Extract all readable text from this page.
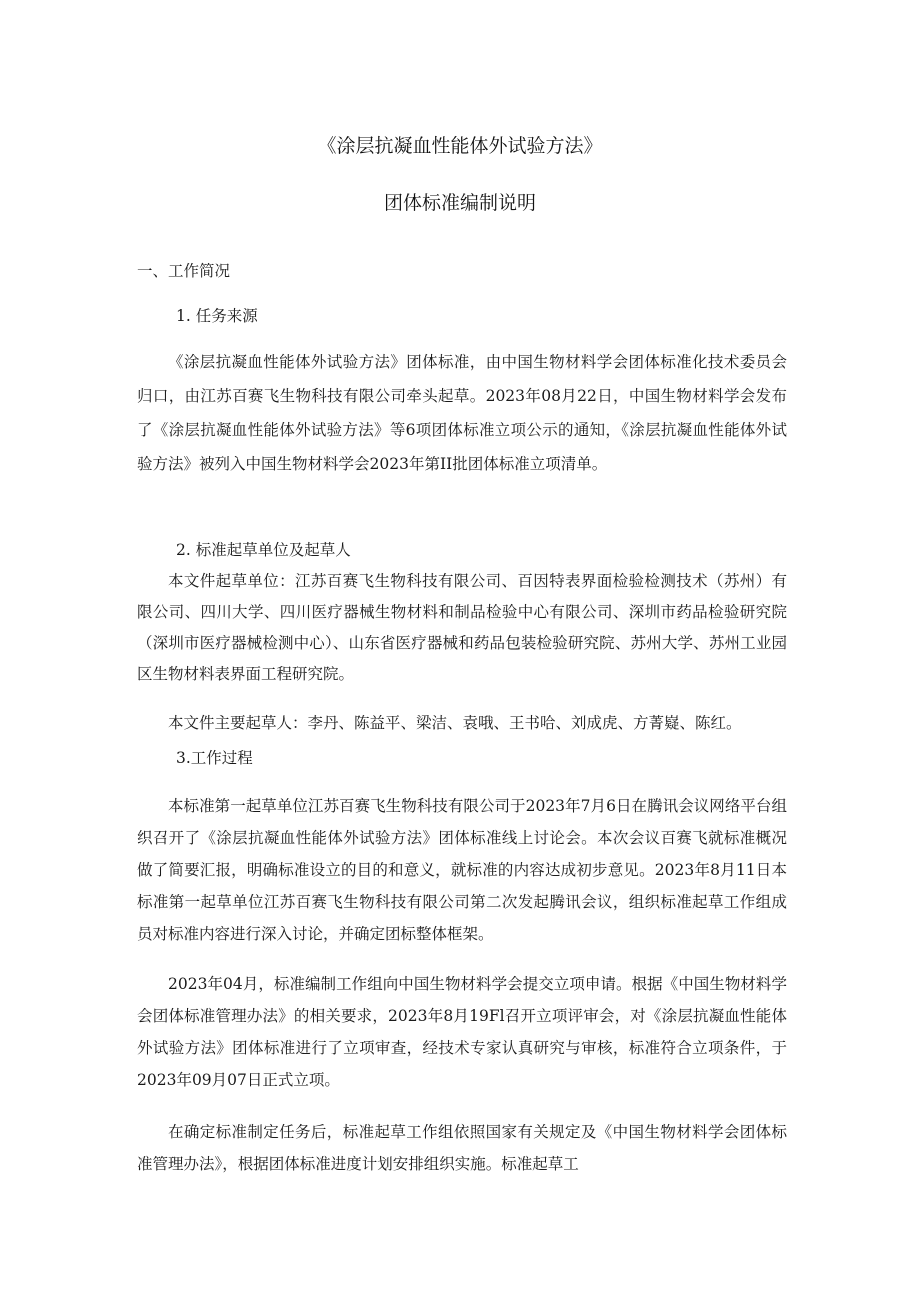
《涂层抗凝血性能体外试验方法》
团体标准编制说明
一、工作简况
1. 任务来源

《涂层抗凝血性能体外试验方法》团体标准，由中国生物材料学会团体标准化技术委员会归口，由江苏百赛飞生物科技有限公司牵头起草。2023年08月22日，中国生物材料学会发布了《涂层抗凝血性能体外试验方法》等6项团体标准立项公示的通知，《涂层抗凝血性能体外试验方法》被列入中国生物材料学会2023年第II批团体标准立项清单。

2. 标准起草单位及起草人

本文件起草单位：江苏百赛飞生物科技有限公司、百因特表界面检验检测技术（苏州）有限公司、四川大学、四川医疗器械生物材料和制品检验中心有限公司、深圳市药品检验研究院（深圳市医疗器械检测中心）、山东省医疗器械和药品包装检验研究院、苏州大学、苏州工业园区生物材料表界面工程研究院。

本文件主要起草人：李丹、陈益平、梁洁、袁哦、王书哈、刘成虎、方菁嶷、陈红。

3.工作过程

本标准第一起草单位江苏百赛飞生物科技有限公司于2023年7月6日在腾讯会议网络平台组织召开了《涂层抗凝血性能体外试验方法》团体标准线上讨论会。本次会议百赛飞就标准概况做了简要汇报，明确标准设立的目的和意义，就标准的内容达成初步意见。2023年8月11日本标准第一起草单位江苏百赛飞生物科技有限公司第二次发起腾讯会议，组织标准起草工作组成员对标准内容进行深入讨论，并确定团标整体框架。

2023年04月，标准编制工作组向中国生物材料学会提交立项申请。根据《中国生物材料学会团体标准管理办法》的相关要求，2023年8月19Fl召开立项评审会，对《涂层抗凝血性能体外试验方法》团体标准进行了立项审查，经技术专家认真研究与审核，标准符合立项条件，于2023年09月07日正式立项。

在确定标准制定任务后，标准起草工作组依照国家有关规定及《中国生物材料学会团体标准管理办法》，根据团体标准进度计划安排组织实施。标准起草工
